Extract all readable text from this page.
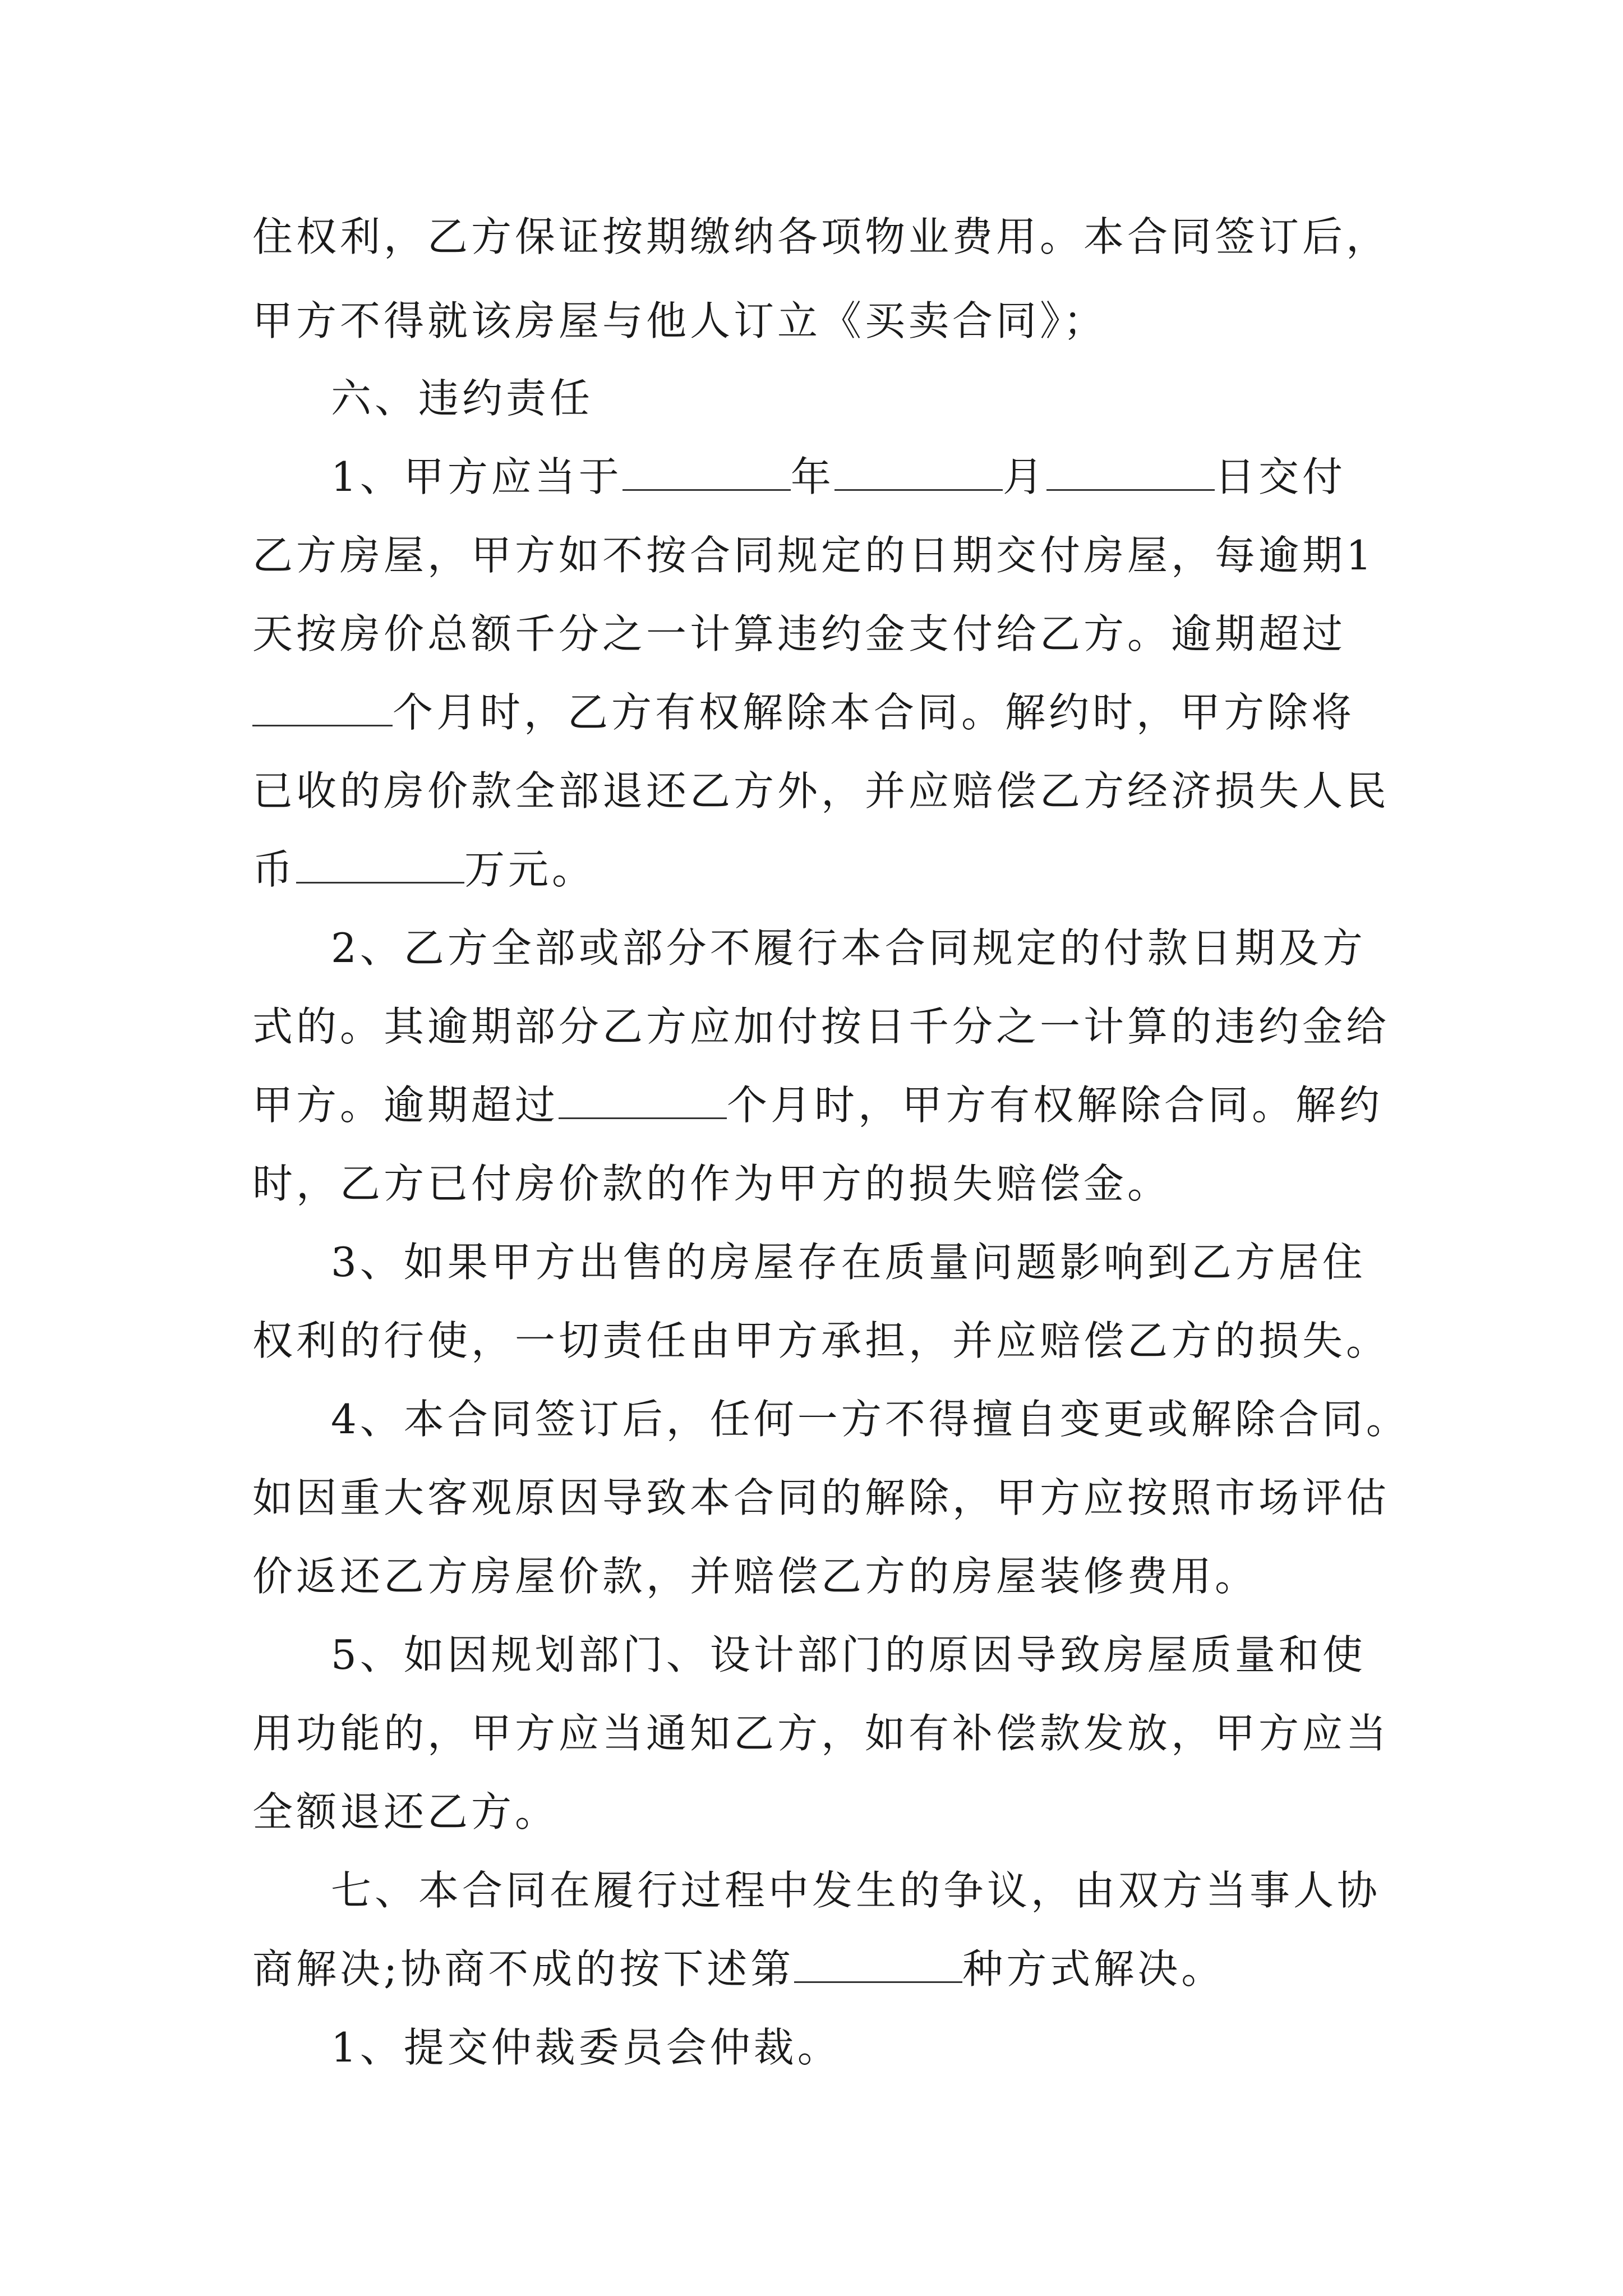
住权利，乙方保证按期缴纳各项物业费用。本合同签订后，
甲方不得就该房屋与他人订立《买卖合同》；
六、违约责任
1、甲方应当于	年	月	日交付
乙方房屋，甲方如不按合同规定的日期交付房屋，每逾期1
天按房价总额千分之一计算违约金支付给乙方。逾期超过
个月时，乙方有权解除本合同。解约时，甲方除将
已收的房价款全部退还乙方外，并应赔偿乙方经济损失人民
币	万元。
2、乙方全部或部分不履行本合同规定的付款日期及方
式的。其逾期部分乙方应加付按日千分之一计算的违约金给
甲方。逾期超过	个月时，甲方有权解除合同。解约
时，乙方已付房价款的作为甲方的损失赔偿金。
3、如果甲方出售的房屋存在质量问题影响到乙方居住
权利的行使，一切责任由甲方承担，并应赔偿乙方的损失。
4、本合同签订后，任何一方不得擅自变更或解除合同。
如因重大客观原因导致本合同的解除，甲方应按照市场评估
价返还乙方房屋价款，并赔偿乙方的房屋装修费用。
5、如因规划部门、设计部门的原因导致房屋质量和使
用功能的，甲方应当通知乙方，如有补偿款发放，甲方应当
全额退还乙方。
七、本合同在履行过程中发生的争议，由双方当事人协
商解决;协商不成的按下述第	种方式解决。
1、提交仲裁委员会仲裁。
